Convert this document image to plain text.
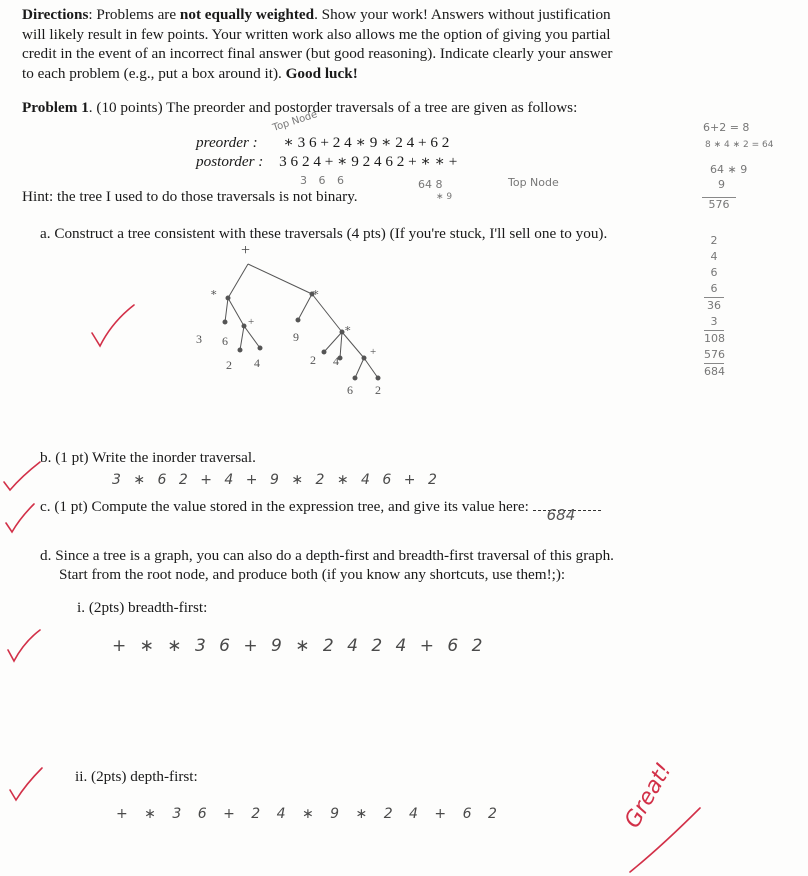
Directions: Problems are not equally weighted. Show your work! Answers without justification
will likely result in few points. Your written work also allows me the option of giving you partial
credit in the event of an incorrect final answer (but good reasoning). Indicate clearly your answer
to each problem (e.g., put a box around it). Good luck!
Problem 1. (10 points) The preorder and postorder traversals of a tree are given as follows:
preorder : ∗ 3 6 + 2 4 ∗ 9 ∗ 2 4 + 6 2
postorder : 3 6 2 4 + ∗ 9 2 4 6 2 + ∗ ∗ +
Hint: the tree I used to do those traversals is not binary.
Top Node
Top Node
3 6 6	64 8
∗ 9
6+2 = 8
8 ∗ 4 ∗ 2 = 64
64 ∗ 9
9
576
2
4
6
6
36
3
108
576
684
a. Construct a tree consistent with these traversals (4 pts) (If you're stuck, I'll sell one to you).
+
∗	∗
+
∗
+
3 6
2 4
9
2 4
6 2
b. (1 pt) Write the inorder traversal.
3 ∗ 6 2 + 4 + 9 ∗ 2 ∗ 4 6 + 2
c. (1 pt) Compute the value stored in the expression tree, and give its value here: 684
d. Since a tree is a graph, you can also do a depth-first and breadth-first traversal of this graph.
Start from the root node, and produce both (if you know any shortcuts, use them!;):
i. (2pts) breadth-first:
+ ∗ ∗ 3 6 + 9 ∗ 2 4 2 4 + 6 2
ii. (2pts) depth-first:
+ ∗ 3 6 + 2 4 ∗ 9 ∗ 2 4 + 6 2	Great!
